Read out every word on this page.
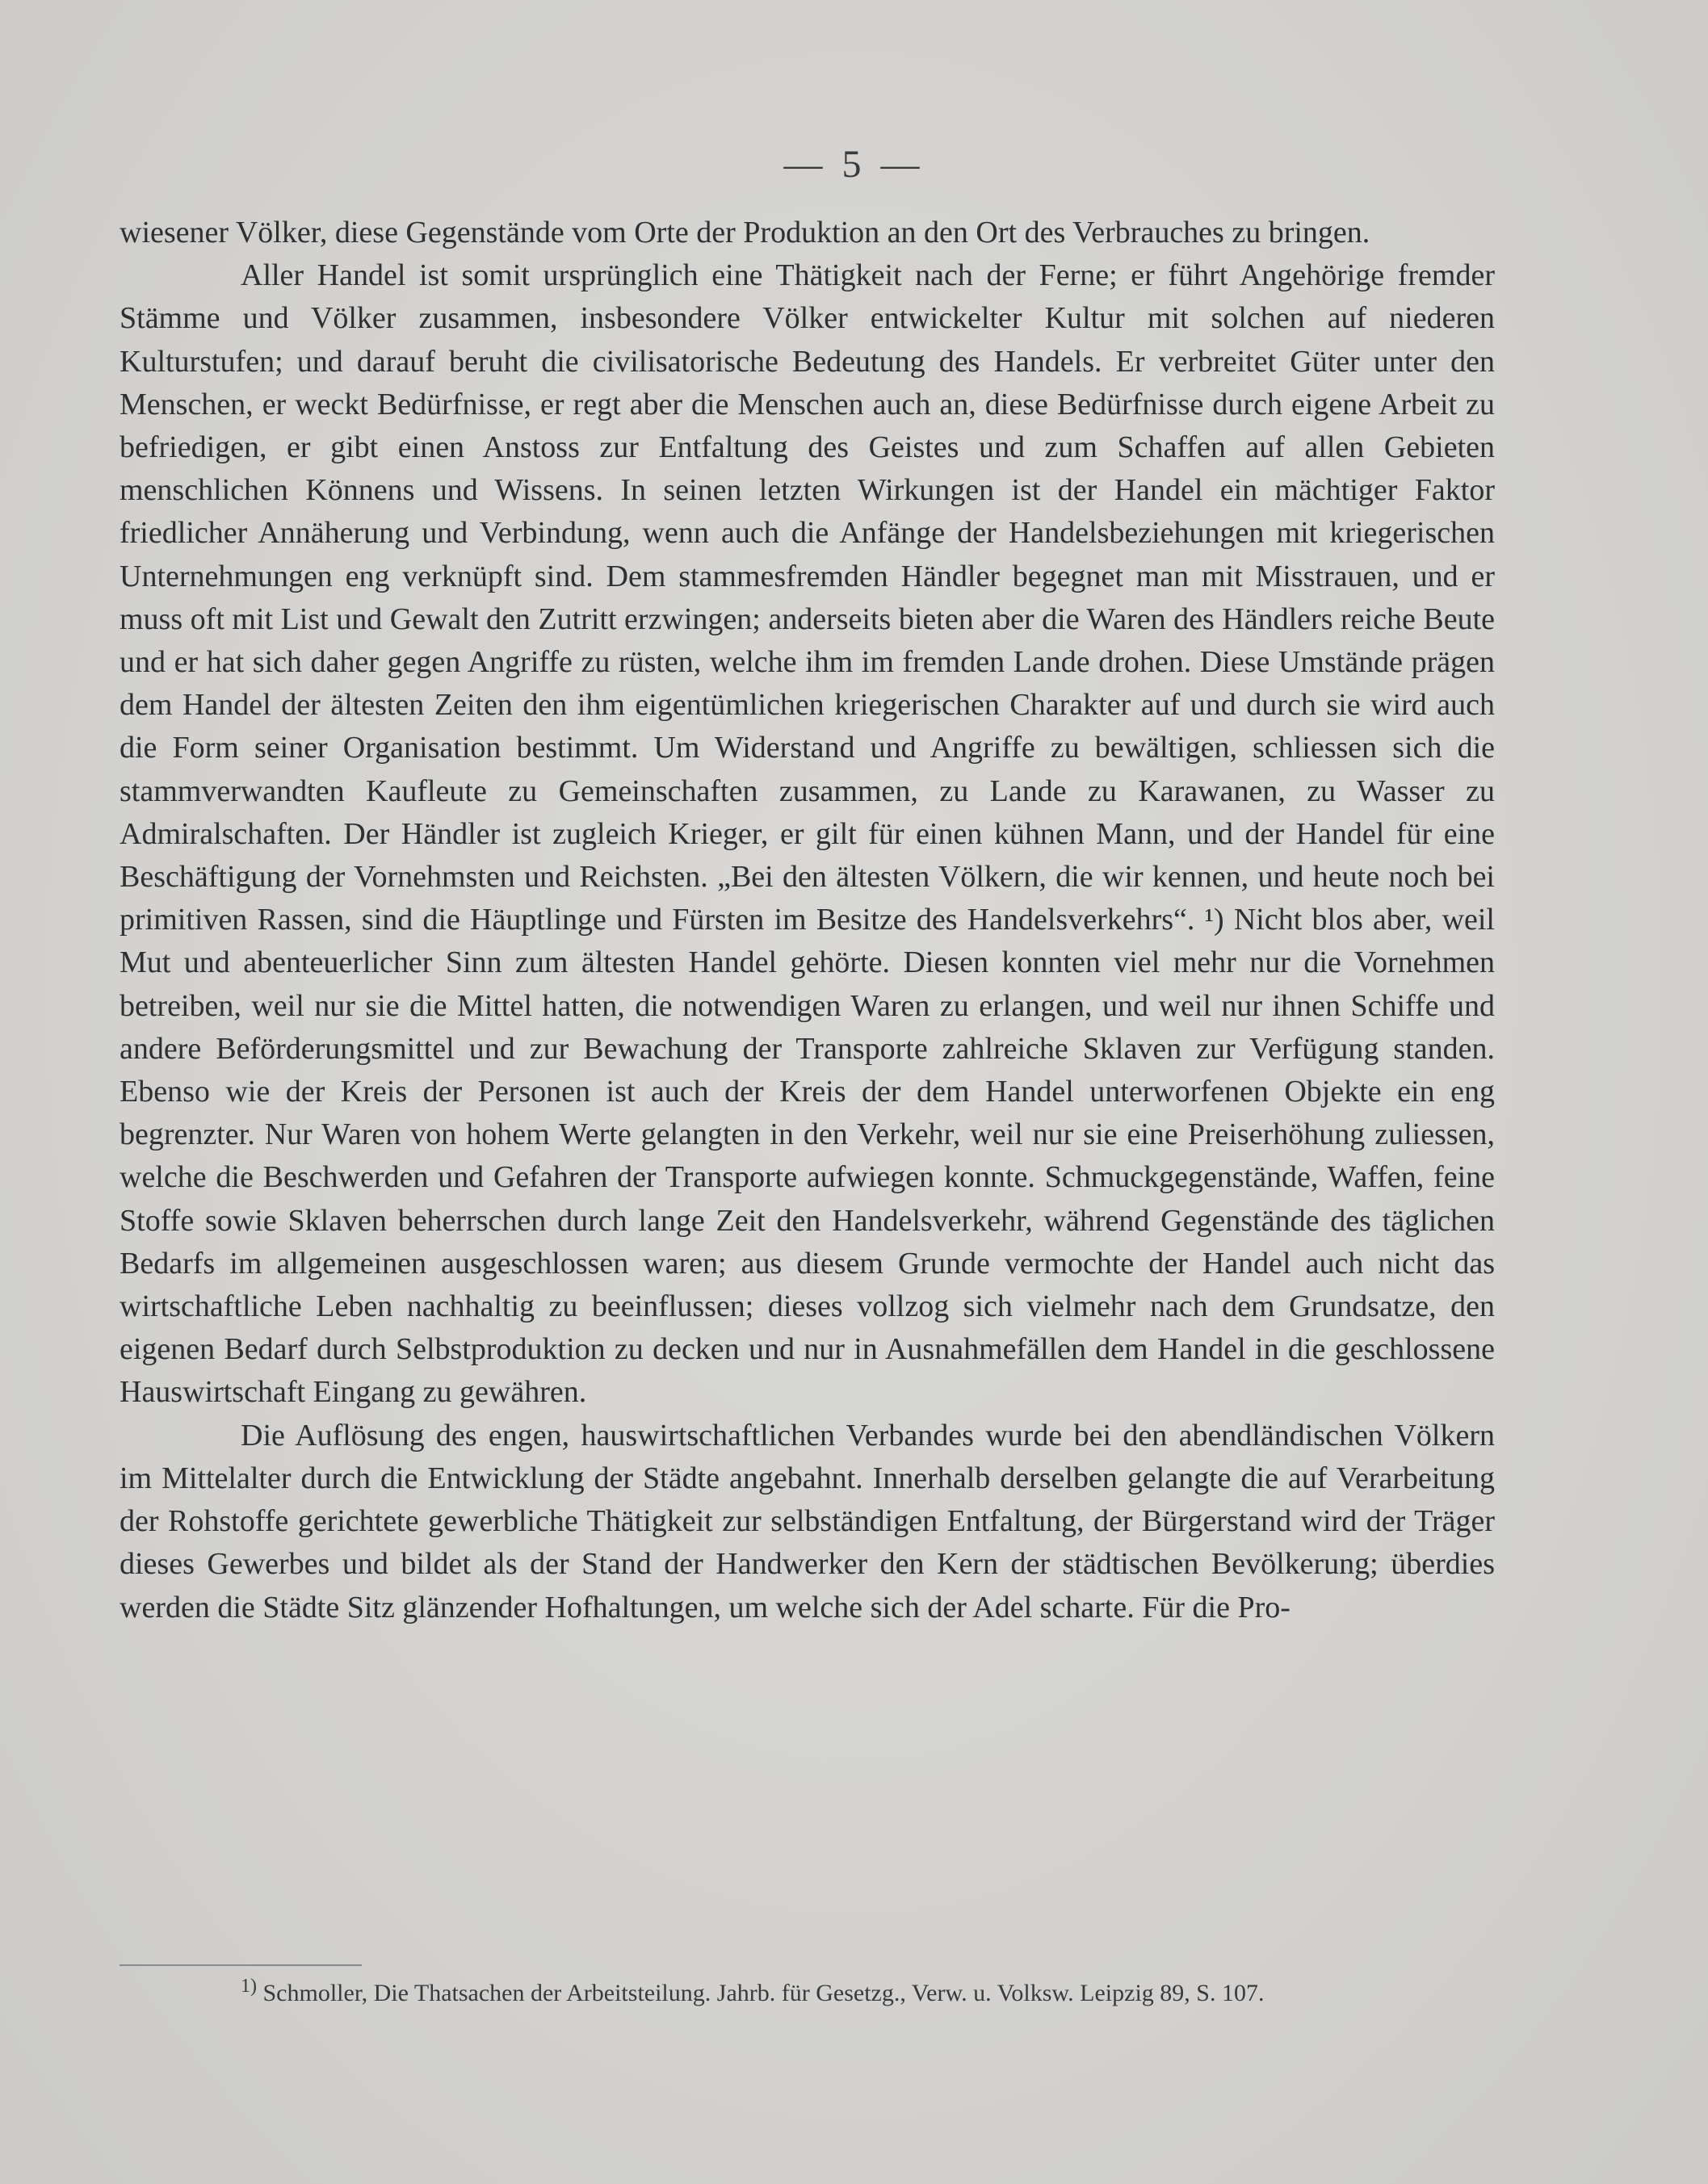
— 5 —

wiesener Völker, diese Gegenstände vom Orte der Produktion an den Ort des Verbrauches zu bringen.

Aller Handel ist somit ursprünglich eine Thätigkeit nach der Ferne; er führt Angehörige fremder Stämme und Völker zusammen, insbesondere Völker entwickelter Kultur mit solchen auf niederen Kulturstufen; und darauf beruht die civilisatorische Bedeutung des Handels. Er verbreitet Güter unter den Menschen, er weckt Bedürfnisse, er regt aber die Menschen auch an, diese Bedürfnisse durch eigene Arbeit zu befriedigen, er gibt einen Anstoss zur Entfaltung des Geistes und zum Schaffen auf allen Gebieten menschlichen Könnens und Wissens. In seinen letzten Wirkungen ist der Handel ein mächtiger Faktor friedlicher Annäherung und Verbindung, wenn auch die Anfänge der Handelsbeziehungen mit kriegerischen Unternehmungen eng verknüpft sind. Dem stammesfremden Händler begegnet man mit Misstrauen, und er muss oft mit List und Gewalt den Zutritt erzwingen; anderseits bieten aber die Waren des Händlers reiche Beute und er hat sich daher gegen Angriffe zu rüsten, welche ihm im fremden Lande drohen. Diese Umstände prägen dem Handel der ältesten Zeiten den ihm eigentümlichen kriegerischen Charakter auf und durch sie wird auch die Form seiner Organisation bestimmt. Um Widerstand und Angriffe zu bewältigen, schliessen sich die stammverwandten Kaufleute zu Gemeinschaften zusammen, zu Lande zu Karawanen, zu Wasser zu Admiralschaften. Der Händler ist zugleich Krieger, er gilt für einen kühnen Mann, und der Handel für eine Beschäftigung der Vornehmsten und Reichsten. „Bei den ältesten Völkern, die wir kennen, und heute noch bei primitiven Rassen, sind die Häuptlinge und Fürsten im Besitze des Handelsverkehrs“. ¹) Nicht blos aber, weil Mut und abenteuerlicher Sinn zum ältesten Handel gehörte. Diesen konnten viel mehr nur die Vornehmen betreiben, weil nur sie die Mittel hatten, die notwendigen Waren zu erlangen, und weil nur ihnen Schiffe und andere Beförderungsmittel und zur Bewachung der Transporte zahlreiche Sklaven zur Verfügung standen. Ebenso wie der Kreis der Personen ist auch der Kreis der dem Handel unterworfenen Objekte ein eng begrenzter. Nur Waren von hohem Werte gelangten in den Verkehr, weil nur sie eine Preiserhöhung zuliessen, welche die Beschwerden und Gefahren der Transporte aufwiegen konnte. Schmuckgegenstände, Waffen, feine Stoffe sowie Sklaven beherrschen durch lange Zeit den Handelsverkehr, während Gegenstände des täglichen Bedarfs im allgemeinen ausgeschlossen waren; aus diesem Grunde vermochte der Handel auch nicht das wirtschaftliche Leben nachhaltig zu beeinflussen; dieses vollzog sich vielmehr nach dem Grundsatze, den eigenen Bedarf durch Selbstproduktion zu decken und nur in Ausnahmefällen dem Handel in die geschlossene Hauswirtschaft Eingang zu gewähren.

Die Auflösung des engen, hauswirtschaftlichen Verbandes wurde bei den abendländischen Völkern im Mittelalter durch die Entwicklung der Städte angebahnt. Innerhalb derselben gelangte die auf Verarbeitung der Rohstoffe gerichtete gewerbliche Thätigkeit zur selbständigen Entfaltung, der Bürgerstand wird der Träger dieses Gewerbes und bildet als der Stand der Handwerker den Kern der städtischen Bevölkerung; überdies werden die Städte Sitz glänzender Hofhaltungen, um welche sich der Adel scharte. Für die Pro-

$^{1)}$ Schmoller, Die Thatsachen der Arbeitsteilung. Jahrb. für Gesetzg., Verw. u. Volksw. Leipzig 89, S. 107.
